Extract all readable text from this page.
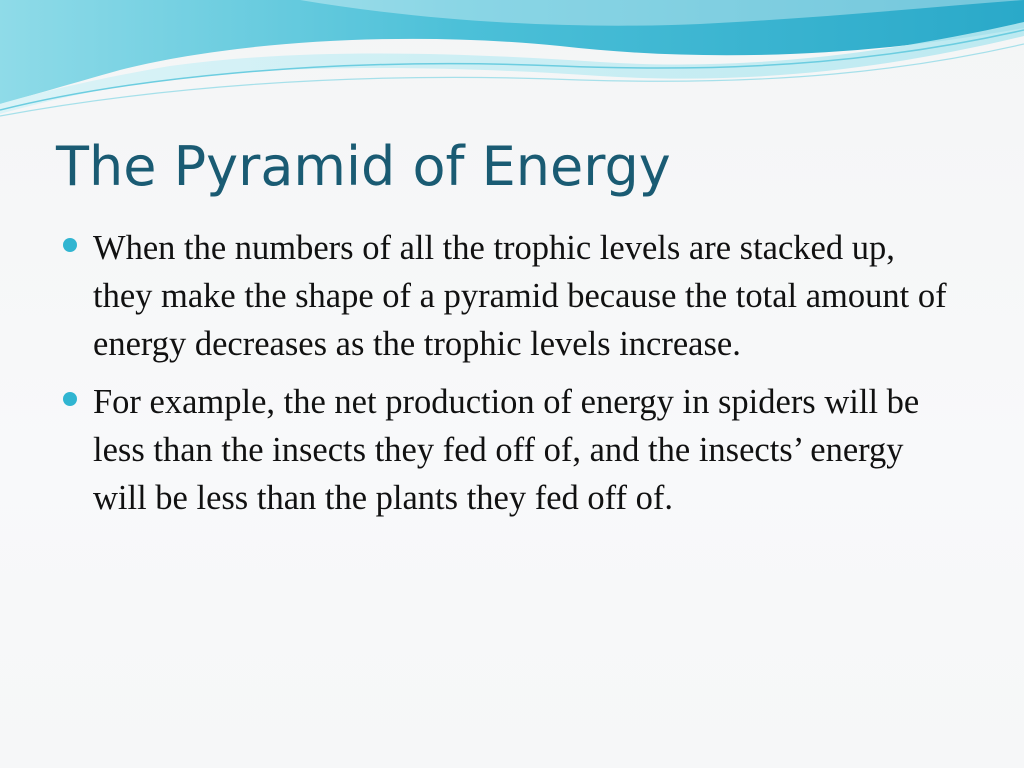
The Pyramid of Energy
When the numbers of all the trophic levels are stacked up, they make the shape of a pyramid because the total amount of energy decreases as the trophic levels increase.
For example, the net production of energy in spiders will be less than the insects they fed off of, and the insects’ energy will be less than the plants they fed off of.
